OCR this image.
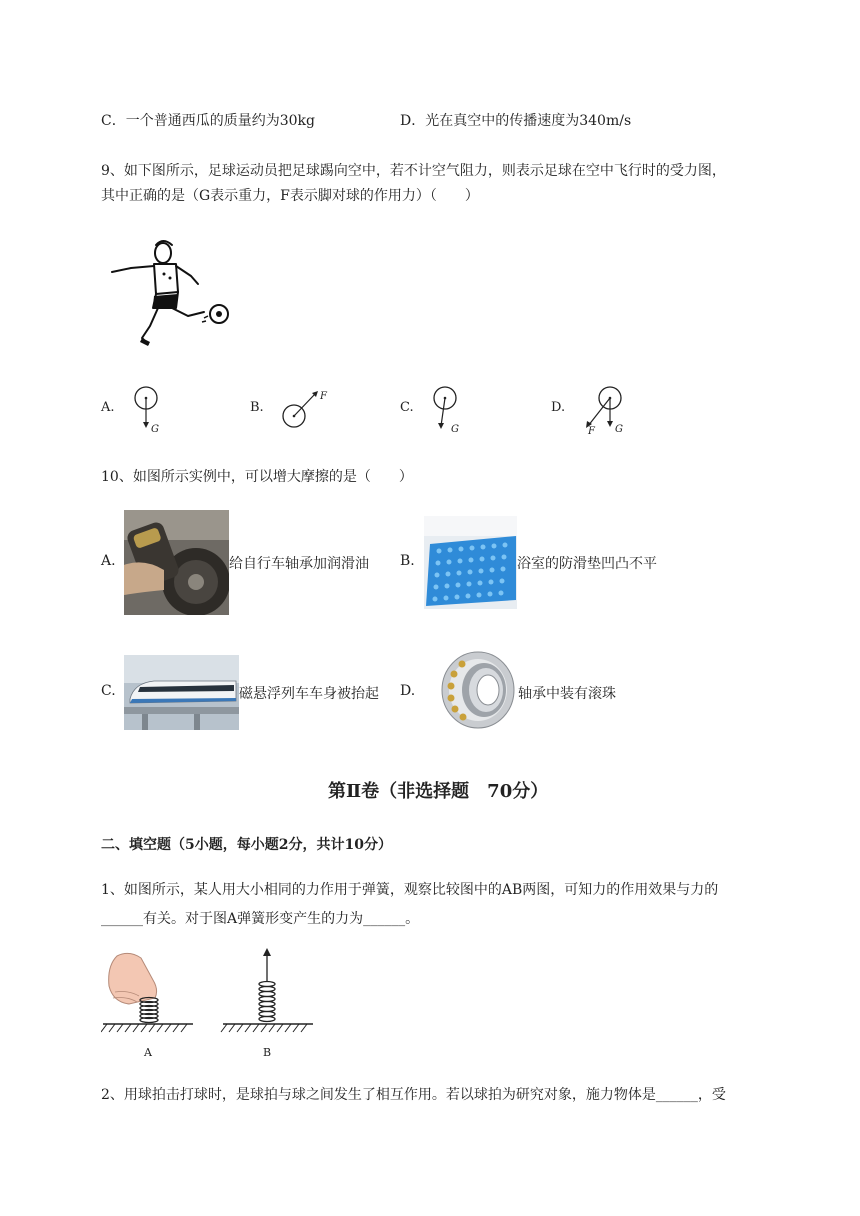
C．一个普通西瓜的质量约为30kg	D．光在真空中的传播速度为340m/s
9、如下图所示，足球运动员把足球踢向空中，若不计空气阻力，则表示足球在空中飞行时的受力图，
其中正确的是（G表示重力，F表示脚对球的作用力）（　　）
A.
G
B.
F
C.
G
D.
F G
10、如图所示实例中，可以增大摩擦的是（　　）
A.	给自行车轴承加润滑油 B.	浴室的防滑垫凹凸不平
C.	磁悬浮列车车身被抬起 D.	轴承中装有滚珠
第Ⅱ卷（非选择题　70分）
二、填空题（5小题，每小题2分，共计10分）
1、如图所示，某人用大小相同的力作用于弹簧，观察比较图中的AB两图，可知力的作用效果与力的
______有关。对于图A弹簧形变产生的力为______。
A	B
2、用球拍击打球时，是球拍与球之间发生了相互作用。若以球拍为研究对象，施力物体是______，受
